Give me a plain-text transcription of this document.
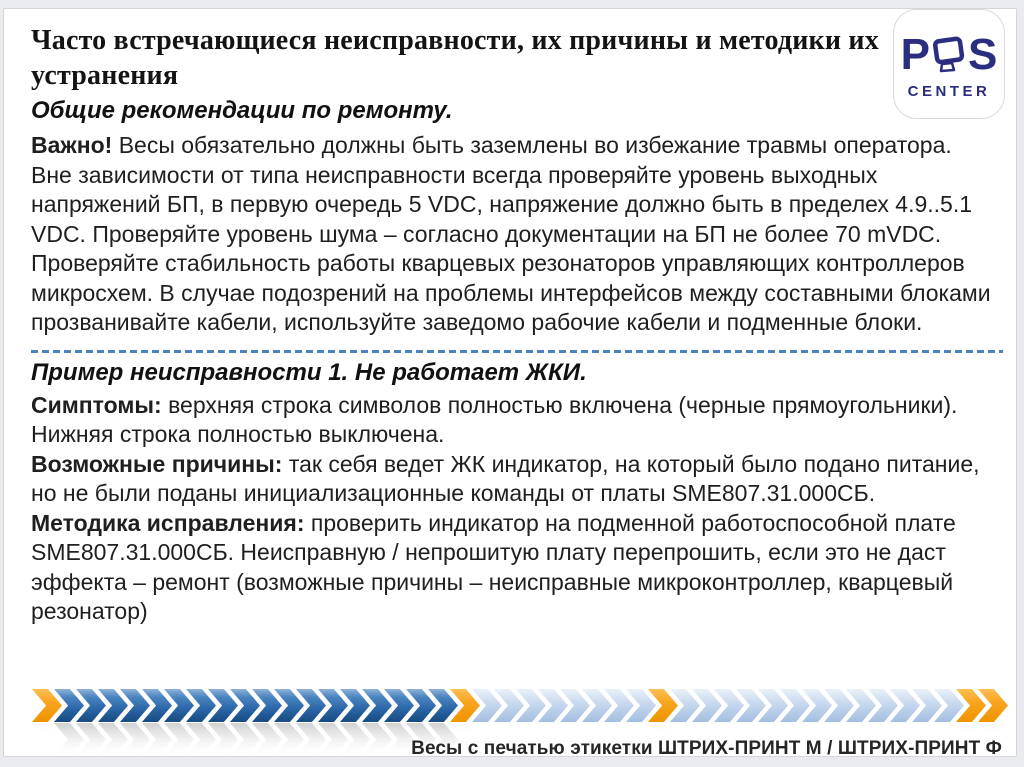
Часто встречающиеся неисправности, их причины и методики их устранения
Общие рекомендации по ремонту.
Важно! Весы обязательно должны быть заземлены во избежание травмы оператора. Вне зависимости от типа неисправности всегда проверяйте уровень выходных напряжений БП, в первую очередь 5 VDC, напряжение должно быть в пределех 4.9..5.1 VDC. Проверяйте уровень шума – согласно документации на БП не более 70 mVDC. Проверяйте стабильность работы кварцевых резонаторов управляющих контроллеров микросхем. В случае подозрений на проблемы интерфейсов между составными блоками прозванивайте кабели, используйте заведомо рабочие кабели и подменные блоки.
Пример неисправности 1. Не работает ЖКИ.
Симптомы: верхняя строка символов полностью включена (черные прямоугольники). Нижняя строка полностью выключена.
Возможные причины: так себя ведет ЖК индикатор, на который было подано питание, но не были поданы инициализационные команды от платы SME807.31.000СБ.
Методика исправления: проверить индикатор на подменной работоспособной плате SME807.31.000СБ. Неисправную / непрошитую плату перепрошить, если это не даст эффекта – ремонт (возможные причины – неисправные микроконтроллер, кварцевый резонатор)
P S
CENTER
Весы с печатью этикетки ШТРИХ-ПРИНТ М / ШТРИХ-ПРИНТ Ф
